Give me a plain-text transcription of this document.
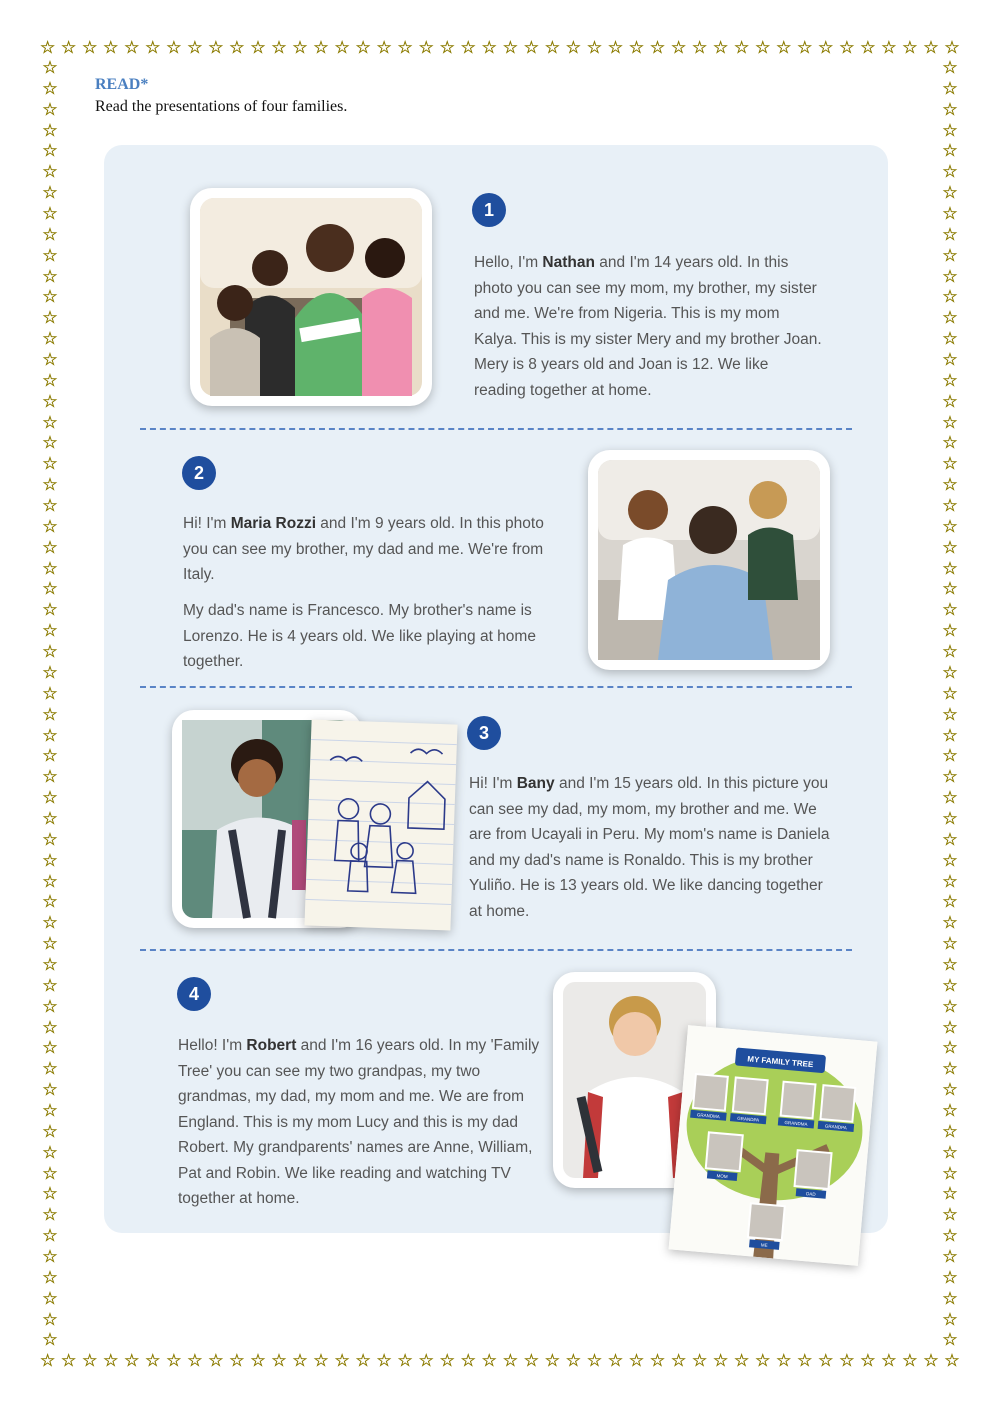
☆ ☆ ☆ ☆ ☆ ☆ ☆ ☆ ☆ ☆ ☆ ☆ ☆ ☆ ☆ ☆ ☆ ☆ ☆ ☆ ☆ ☆ ☆ ☆ ☆ ☆ ☆ ☆ ☆ ☆ ☆ ☆ ☆ ☆ ☆ ☆ ☆ ☆ ☆ ☆ ☆ ☆ ☆ ☆
☆ ☆ ☆ ☆ ☆ ☆ ☆ ☆ ☆ ☆ ☆ ☆ ☆ ☆ ☆ ☆ ☆ ☆ ☆ ☆ ☆ ☆ ☆ ☆ ☆ ☆ ☆ ☆ ☆ ☆ ☆ ☆ ☆ ☆ ☆ ☆ ☆ ☆ ☆ ☆ ☆ ☆ ☆ ☆
☆
☆
☆
☆
☆
☆
☆
☆
☆
☆
☆
☆
☆
☆
☆
☆
☆
☆
☆
☆
☆
☆
☆
☆
☆
☆
☆
☆
☆
☆
☆
☆
☆
☆
☆
☆
☆
☆
☆
☆
☆
☆
☆
☆
☆
☆
☆
☆
☆
☆
☆
☆
☆
☆
☆
☆
☆
☆
☆
☆
☆
☆
☆
☆
☆
☆
☆
☆
☆
☆
☆
☆
☆
☆
☆
☆
☆
☆
☆
☆
☆
☆
☆
☆
☆
☆
☆
☆
☆
☆
☆
☆
☆
☆
☆
☆
☆
☆
☆
☆
☆
☆
☆
☆
☆
☆
☆
☆
☆
☆
☆
☆
☆
☆
☆
☆
☆
☆
☆
☆
☆
☆
☆
☆
READ*
Read the presentations of four families.
1

Hello, I'm Nathan and I'm 14 years old. In this photo you can see my mom, my brother, my sister and me. We're from Nigeria. This is my mom Kalya. This is my sister Mery and my brother Joan. Mery is 8 years old and Joan is 12. We like reading together at home.

2

Hi! I'm Maria Rozzi and I'm 9 years old. In this photo you can see my brother, my dad and me. We're from Italy.

My dad's name is Francesco. My brother's name is Lorenzo. He is 4 years old. We like playing at home together.

3

Hi! I'm Bany and I'm 15 years old. In this picture you can see my dad, my mom, my brother and me. We are from Ucayali in Peru. My mom's name is Daniela and my dad's name is Ronaldo. This is my brother Yuliño. He is 13 years old. We like dancing together at home.

4

Hello! I'm Robert and I'm 16 years old. In my 'Family Tree' you can see my two grandpas, my two grandmas, my dad, my mom and me. We are from England. This is my mom Lucy and this is my dad Robert. My grandparents' names are Anne, William, Pat and Robin. We like reading and watching TV together at home.

MY FAMILY TREE
GRANDMA	GRANDPA
GRANDMA	GRANDPA
MOM
DAD
ME
